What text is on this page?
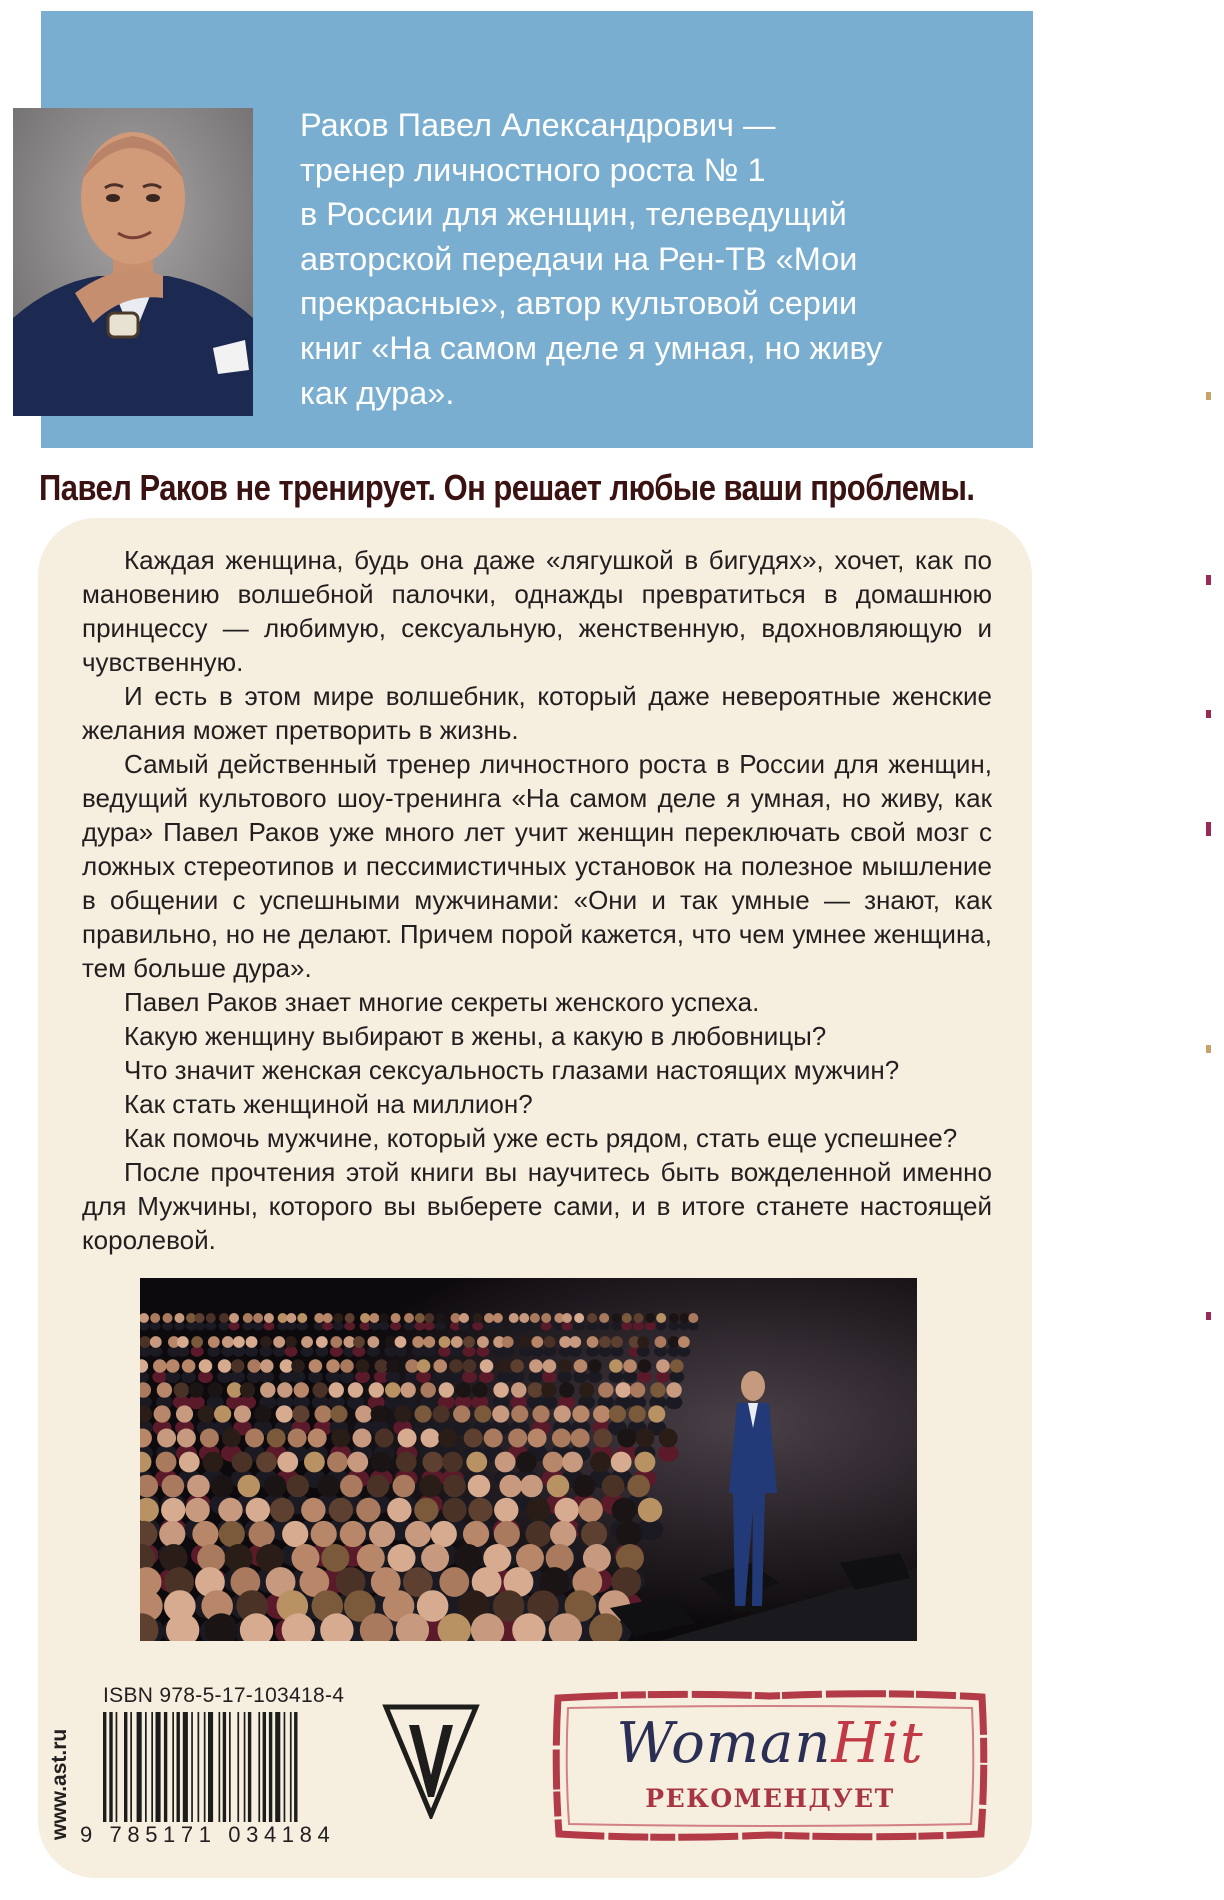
Раков Павел Александрович —

тренер личностного роста № 1

в России для женщин, телеведущий

авторской передачи на Рен-ТВ «Мои

прекрасные», автор культовой серии

книг «На самом деле я умная, но живу

как дура».

Павел Раков не тренирует. Он решает любые ваши проблемы.

Каждая женщина, будь она даже «лягушкой в бигудях», хочет, как по мановению волшебной палочки, однажды превратиться в домашнюю принцессу — любимую, сексуальную, женственную, вдохновляющую и чувственную.

И есть в этом мире волшебник, который даже невероятные женские желания может претворить в жизнь.

Самый действенный тренер личностного роста в России для женщин, ведущий культового шоу-тренинга «На самом деле я умная, но живу, как дура» Павел Раков уже много лет учит женщин переключать свой мозг с ложных стереотипов и пессимистичных установок на полезное мышление в общении с успешными мужчинами: «Они и так умные — знают, как правильно, но не делают. Причем порой кажется, что чем умнее женщина, тем больше дура».

Павел Раков знает многие секреты женского успеха.

Какую женщину выбирают в жены, а какую в любовницы?

Что значит женская сексуальность глазами настоящих мужчин?

Как стать женщиной на миллион?

Как помочь мужчине, который уже есть рядом, стать еще успешнее?

После прочтения этой книги вы научитесь быть вожделенной именно для Мужчины, которого вы выберете сами, и в итоге станете настоящей королевой.

www.ast.ru
ISBN 978-5-17-103418-4
9 785171 034184
WomanHit
РЕКОМЕНДУЕТ
